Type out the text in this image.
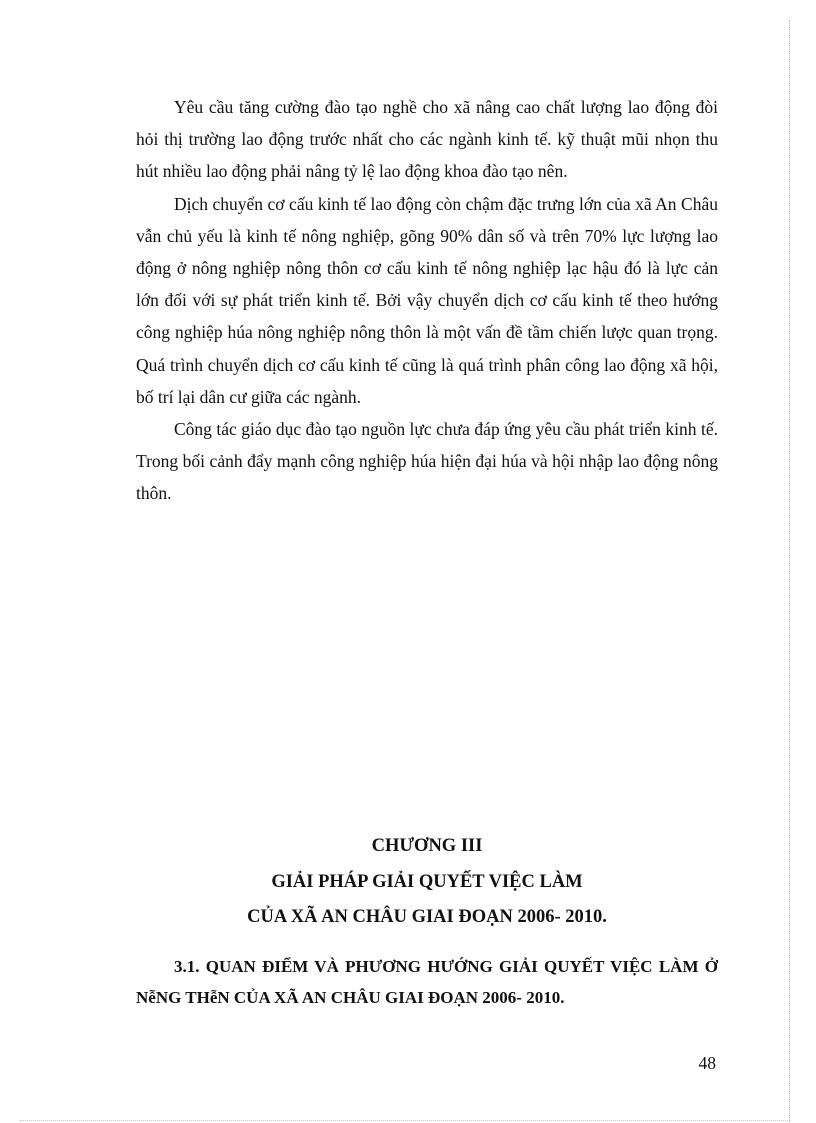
Yêu cầu tăng cường đào tạo nghề cho xã nâng cao chất lượng lao động đòi hỏi thị trường lao động trước nhất cho các ngành kinh tế. kỹ thuật mũi nhọn thu hút nhiều lao động phải nâng tỷ lệ lao động khoa đào tạo nên.

Dịch chuyển cơ cấu kinh tế lao động còn chậm đặc trưng lớn của xã An Châu vẫn chủ yếu là kinh tế nông nghiệp, gõng 90% dân số và trên 70% lực lượng lao động ở nông nghiệp nông thôn cơ cấu kinh tế nông nghiệp lạc hậu đó là lực cản lớn đối với sự phát triển kinh tế. Bởi vậy chuyển dịch cơ cấu kinh tế theo hướng công nghiệp húa nông nghiệp nông thôn là một vấn đề tầm chiến lược quan trọng. Quá trình chuyển dịch cơ cấu kinh tế cũng là quá trình phân công lao động xã hội, bố trí lại dân cư giữa các ngành.

Công tác giáo dục đào tạo nguồn lực chưa đáp ứng yêu cầu phát triển kinh tế. Trong bối cảnh đẩy mạnh công nghiệp húa hiện đại húa và hội nhập lao động nông thôn.

CHƯƠNG III
GIẢI PHÁP GIẢI QUYẾT VIỆC LÀM
CỦA XÃ AN CHÂU GIAI ĐOẠN 2006- 2010.
3.1. QUAN ĐIỂM VÀ PHƯƠNG HƯỚNG GIẢI QUYẾT VIỆC LÀM Ở NễNG THễN CỦA XÃ AN CHÂU GIAI ĐOẠN 2006- 2010.
48
